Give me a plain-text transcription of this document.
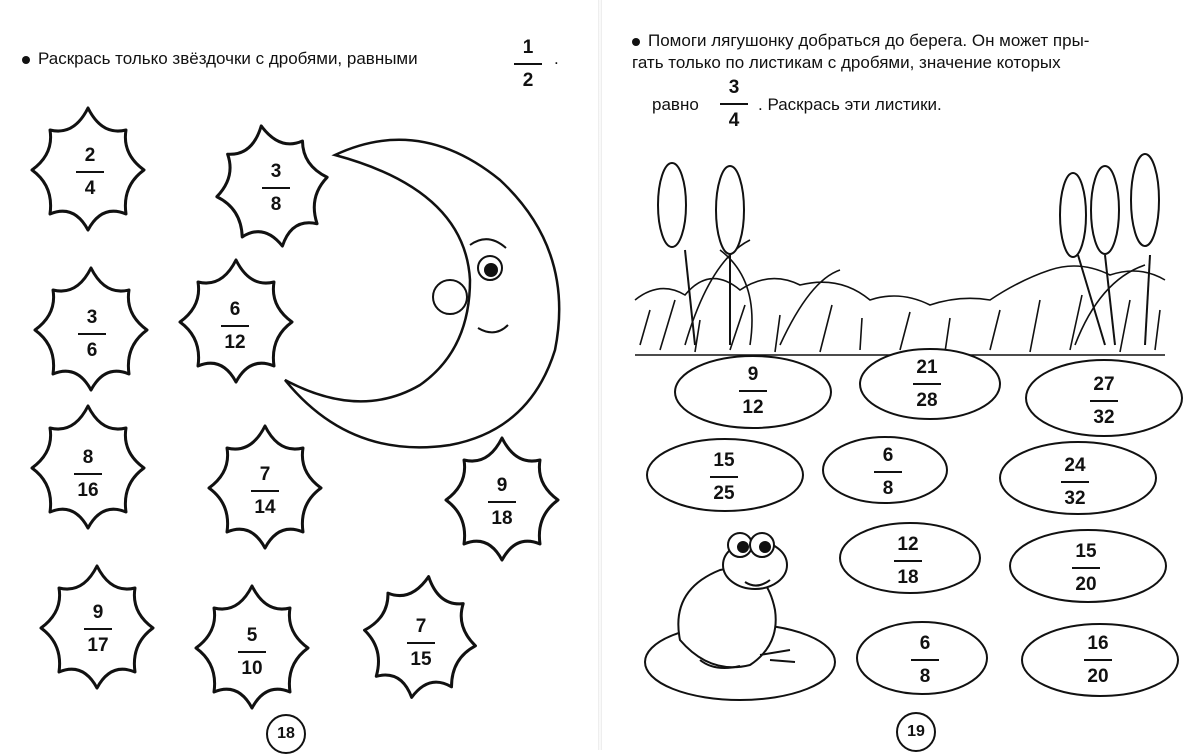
Раскрась только звёздочки с дробями, равными
1
2
.
2
4
3
8
3
6
6
12
8
16
7
14
9
18
9
17	5
10
7
15
18
Помоги лягушонку добраться до берега. Он может пры-
гать только по листикам с дробями, значение которых
равно
3
4
. Раскрась эти листики.
9
12
21
28
27
32
15
25
6
8
24
32
12
18
15
20
6
8
16
20
19
